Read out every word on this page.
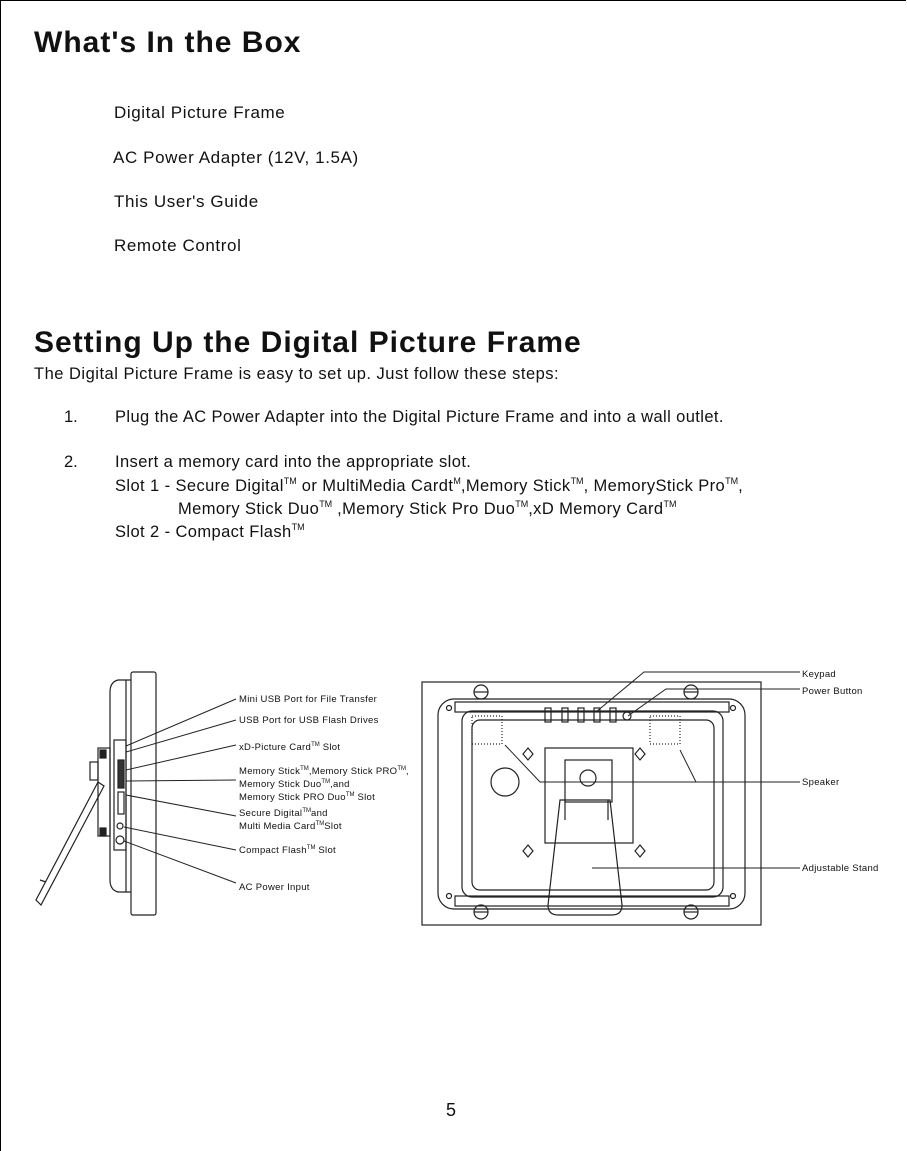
What's In the Box
Digital Picture Frame
AC Power Adapter (12V, 1.5A)
This User's Guide
Remote Control
Setting Up the Digital Picture Frame
The Digital Picture Frame is easy to set up. Just follow these steps:
1. Plug the AC Power Adapter into the Digital Picture Frame and into a wall outlet.
2. Insert a memory card into the appropriate slot.
Slot 1 - Secure Digital™ or MultiMedia Cardt$^M$,Memory Stick™, MemoryStick Pro™,
Memory Stick Duo™ ,Memory Stick Pro Duo™,xD Memory Card™
Slot 2 - Compact Flash™
Mini USB Port for File Transfer
USB Port for USB Flash Drives
xD-Picture Card™ Slot
Memory Stick™,Memory Stick PRO™,
Memory Stick Duo™,and
Memory Stick PRO Duo™ Slot
Secure Digital™and
Multi Media Card™Slot
Compact Flash™ Slot
AC Power Input
Keypad
Power Button
Speaker
Adjustable Stand
5
